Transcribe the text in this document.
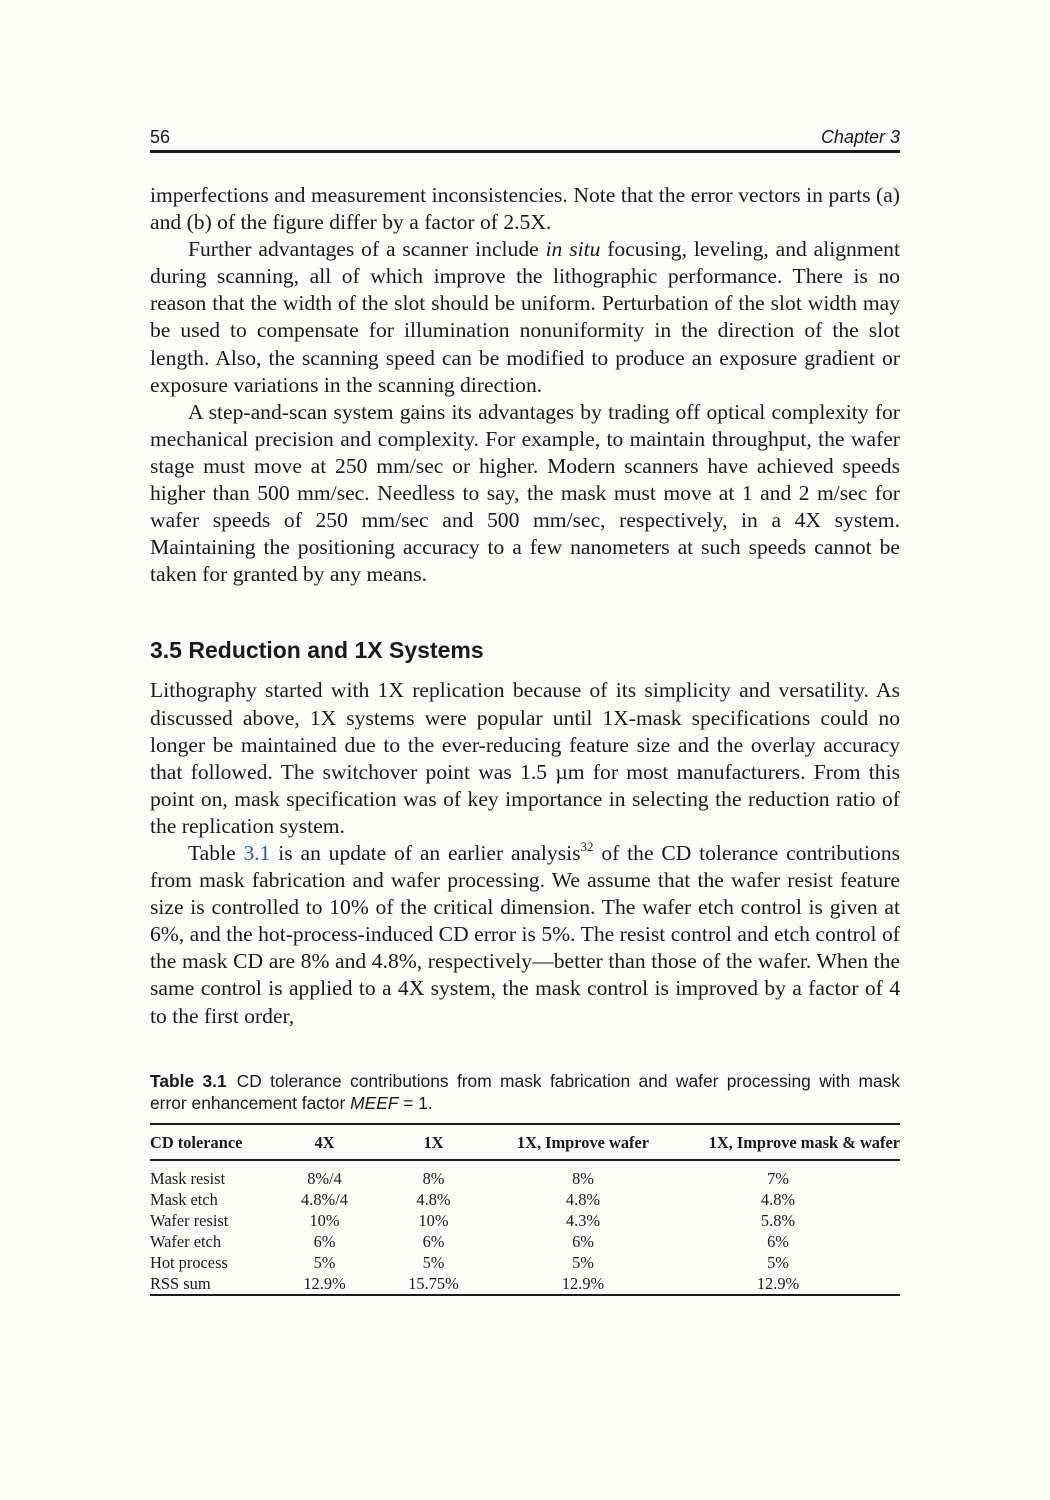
56	Chapter 3

imperfections and measurement inconsistencies. Note that the error vectors in parts (a) and (b) of the figure differ by a factor of 2.5X.

Further advantages of a scanner include in situ focusing, leveling, and alignment during scanning, all of which improve the lithographic performance. There is no reason that the width of the slot should be uniform. Perturbation of the slot width may be used to compensate for illumination nonuniformity in the direction of the slot length. Also, the scanning speed can be modified to produce an exposure gradient or exposure variations in the scanning direction.

A step-and-scan system gains its advantages by trading off optical complexity for mechanical precision and complexity. For example, to maintain throughput, the wafer stage must move at 250 mm/sec or higher. Modern scanners have achieved speeds higher than 500 mm/sec. Needless to say, the mask must move at 1 and 2 m/sec for wafer speeds of 250 mm/sec and 500 mm/sec, respectively, in a 4X system. Maintaining the positioning accuracy to a few nanometers at such speeds cannot be taken for granted by any means.

3.5 Reduction and 1X Systems

Lithography started with 1X replication because of its simplicity and versatility. As discussed above, 1X systems were popular until 1X-mask specifications could no longer be maintained due to the ever-reducing feature size and the overlay accuracy that followed. The switchover point was 1.5 µm for most manufacturers. From this point on, mask specification was of key importance in selecting the reduction ratio of the replication system.

Table 3.1 is an update of an earlier analysis$^{32}$ of the CD tolerance contributions from mask fabrication and wafer processing. We assume that the wafer resist feature size is controlled to 10% of the critical dimension. The wafer etch control is given at 6%, and the hot-process-induced CD error is 5%. The resist control and etch control of the mask CD are 8% and 4.8%, respectively—better than those of the wafer. When the same control is applied to a 4X system, the mask control is improved by a factor of 4 to the first order,

Table 3.1 CD tolerance contributions from mask fabrication and wafer processing with mask error enhancement factor MEEF = 1.
CD tolerance	4X	1X	1X, Improve wafer	1X, Improve mask & wafer
Mask resist	8%/4	8%	8%	7%
Mask etch	4.8%/4	4.8%	4.8%	4.8%
Wafer resist	10%	10%	4.3%	5.8%
Wafer etch	6%	6%	6%	6%
Hot process	5%	5%	5%	5%
RSS sum	12.9%	15.75%	12.9%	12.9%
